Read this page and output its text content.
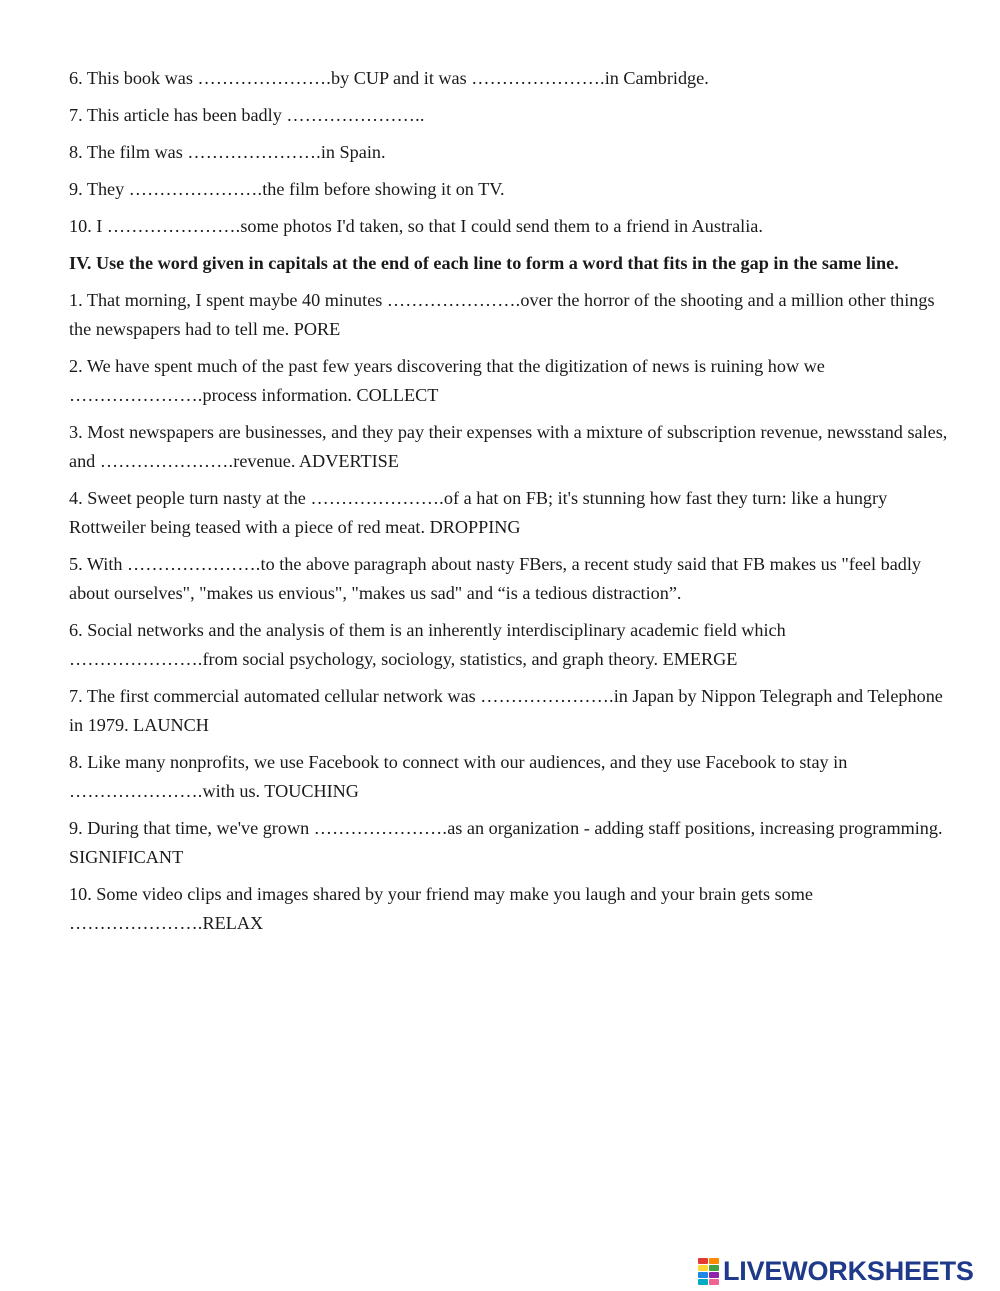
6. This book was ………………….by CUP and it was ………………….in Cambridge.
7. This article has been badly …………………..
8. The film was ………………….in Spain.
9. They ………………….the film before showing it on TV.
10. I ………………….some photos I'd taken, so that I could send them to a friend in Australia.
IV. Use the word given in capitals at the end of each line to form a word that fits in the gap in the same line.
1. That morning, I spent maybe 40 minutes ………………….over the horror of the shooting and a million other things the newspapers had to tell me. PORE
2. We have spent much of the past few years discovering that the digitization of news is ruining how we ………………….process information. COLLECT
3. Most newspapers are businesses, and they pay their expenses with a mixture of subscription revenue, newsstand sales, and ………………….revenue. ADVERTISE
4. Sweet people turn nasty at the ………………….of a hat on FB; it's stunning how fast they turn: like a hungry Rottweiler being teased with a piece of red meat. DROPPING
5. With ………………….to the above paragraph about nasty FBers, a recent study said that FB makes us "feel badly about ourselves", "makes us envious", "makes us sad" and “is a tedious distraction”.
6. Social networks and the analysis of them is an inherently interdisciplinary academic field which ………………….from social psychology, sociology, statistics, and graph theory. EMERGE
7. The first commercial automated cellular network was ………………….in Japan by Nippon Telegraph and Telephone in 1979. LAUNCH
8. Like many nonprofits, we use Facebook to connect with our audiences, and they use Facebook to stay in ………………….with us. TOUCHING
9. During that time, we've grown ………………….as an organization - adding staff positions, increasing programming. SIGNIFICANT
10. Some video clips and images shared by your friend may make you laugh and your brain gets some ………………….RELAX
LIVEWORKSHEETS
